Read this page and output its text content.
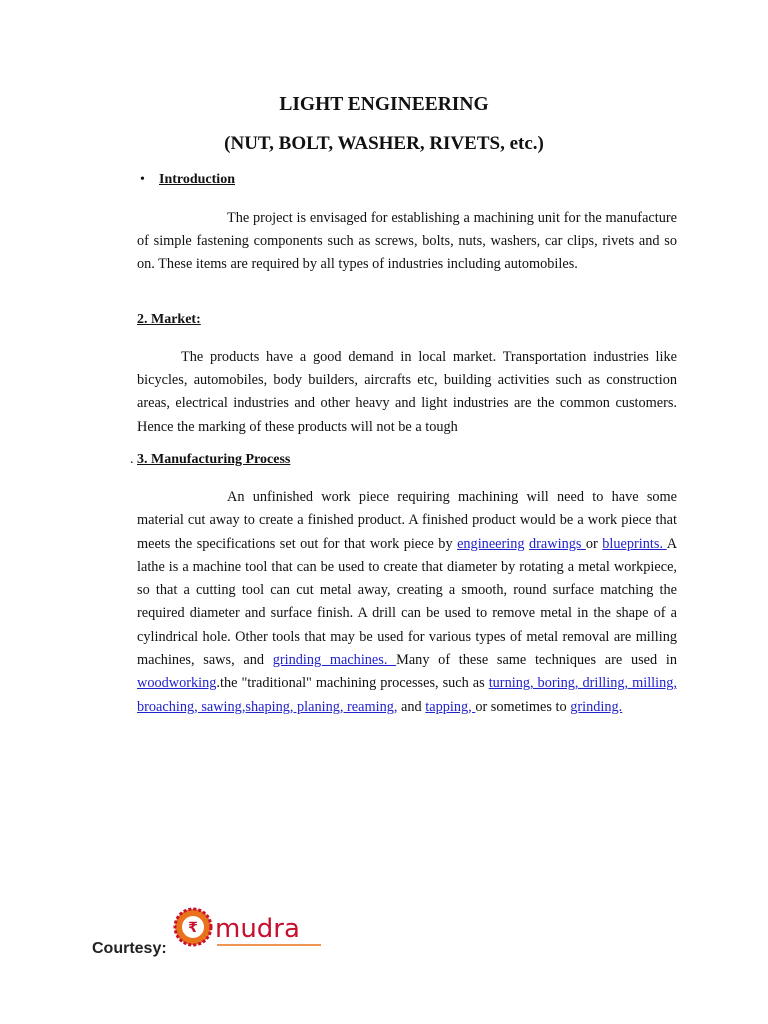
LIGHT ENGINEERING
(NUT, BOLT, WASHER, RIVETS, etc.)
• Introduction

The project is envisaged for establishing a machining unit for the manufacture of simple fastening components such as screws, bolts, nuts, washers, car clips, rivets and so on. These items are required by all types of industries including automobiles.

2. Market:

The products have a good demand in local market. Transportation industries like bicycles, automobiles, body builders, aircrafts etc, building activities such as construction areas, electrical industries and other heavy and light industries are the common customers. Hence the marking of these products will not be a tough

. 3. Manufacturing Process

An unfinished work piece requiring machining will need to have some material cut away to create a finished product. A finished product would be a work piece that meets the specifications set out for that work piece by engineering drawings or blueprints. A lathe is a machine tool that can be used to create that diameter by rotating a metal workpiece, so that a cutting tool can cut metal away, creating a smooth, round surface matching the required diameter and surface finish. A drill can be used to remove metal in the shape of a cylindrical hole. Other tools that may be used for various types of metal removal are milling machines, saws, and grinding machines. Many of these same techniques are used in woodworking.the "traditional" machining processes, such as turning, boring, drilling, milling, broaching, sawing,shaping, planing, reaming, and tapping, or sometimes to grinding.

Courtesy:
₹ mudra
